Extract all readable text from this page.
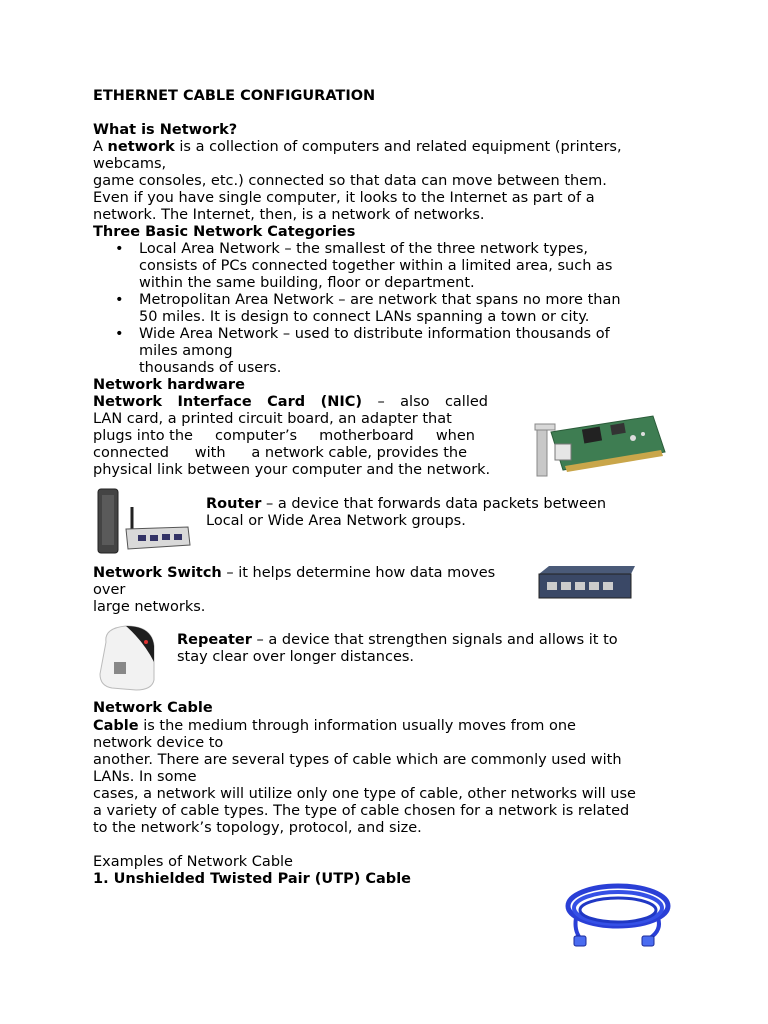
ETHERNET CABLE CONFIGURATION
What is Network?
A network is a collection of computers and related equipment (printers,
webcams,
game consoles, etc.) connected so that data can move between them.
Even if you have single computer, it looks to the Internet as part of a
network. The Internet, then, is a network of networks.
Three Basic Network Categories
• Local Area Network – the smallest of the three network types,
consists of PCs connected together within a limited area, such as
within the same building, floor or department.
• Metropolitan Area Network – are network that spans no more than
50 miles. It is design to connect LANs spanning a town or city.
• Wide Area Network – used to distribute information thousands of
miles among
thousands of users.
Network hardware
Network Interface Card (NIC) – also called
LAN card, a printed circuit board, an adapter that
plugs into the computer’s motherboard when
connected with a network cable, provides the
physical link between your computer and the network.
Router – a device that forwards data packets between
Local or Wide Area Network groups.
Network Switch – it helps determine how data moves
over
large networks.
Repeater – a device that strengthen signals and allows it to
stay clear over longer distances.
Network Cable
Cable is the medium through information usually moves from one
network device to
another. There are several types of cable which are commonly used with
LANs. In some
cases, a network will utilize only one type of cable, other networks will use
a variety of cable types. The type of cable chosen for a network is related
to the network’s topology, protocol, and size.
Examples of Network Cable
1. Unshielded Twisted Pair (UTP) Cable
